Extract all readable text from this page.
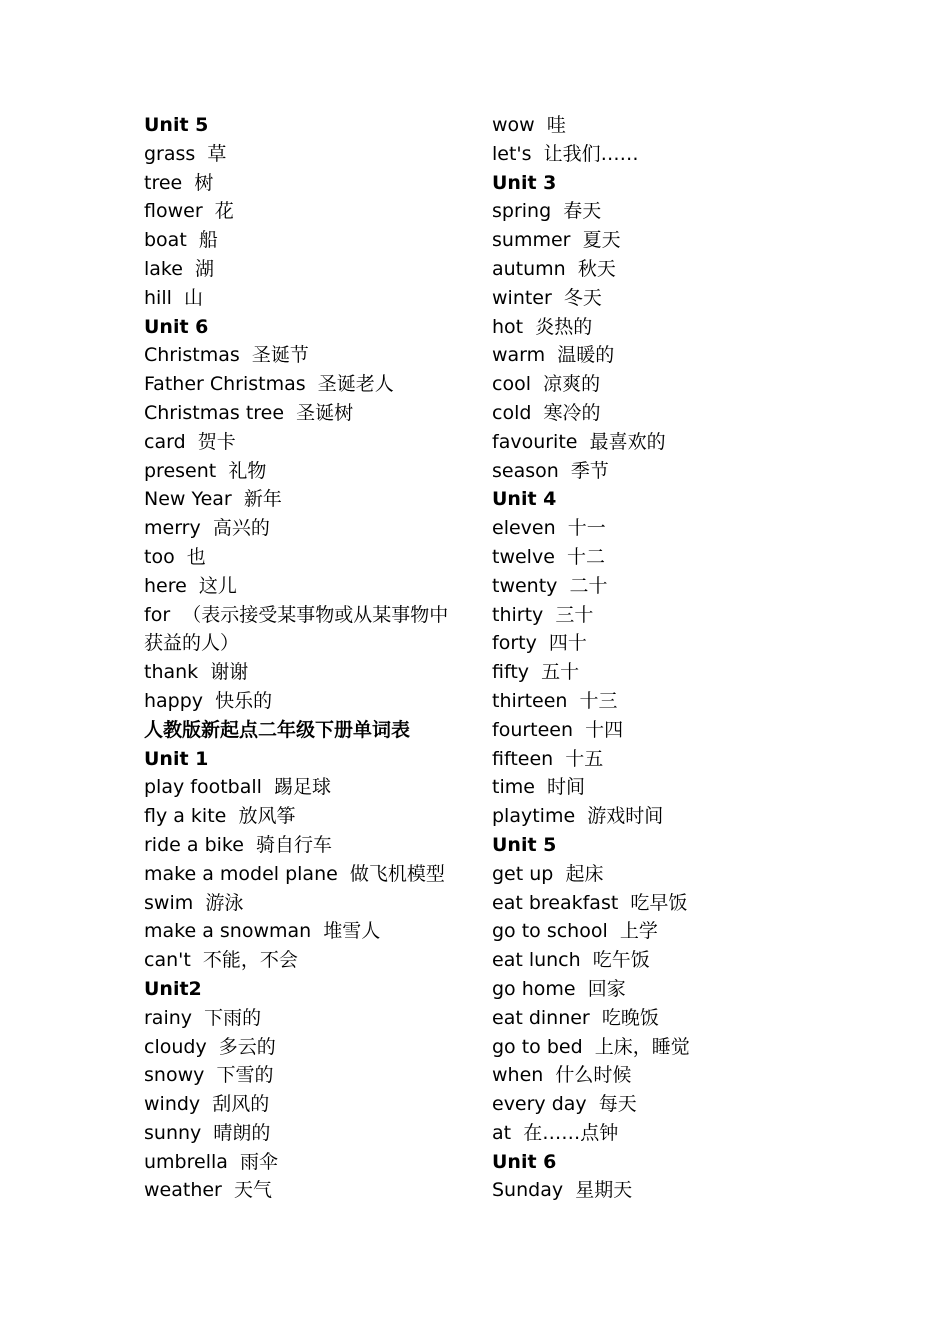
Unit 5
grass 草
tree 树
flower 花
boat 船
lake 湖
hill 山
Unit 6
Christmas 圣诞节
Father Christmas 圣诞老人
Christmas tree 圣诞树
card 贺卡
present 礼物
New Year 新年
merry 高兴的
too 也
here 这儿
for （表示接受某事物或从某事物中获益的人）
thank 谢谢
happy 快乐的
人教版新起点二年级下册单词表
Unit 1
play football 踢足球
fly a kite 放风筝
ride a bike 骑自行车
make a model plane 做飞机模型
swim 游泳
make a snowman 堆雪人
can't 不能，不会
Unit2
rainy 下雨的
cloudy 多云的
snowy 下雪的
windy 刮风的
sunny 晴朗的
umbrella 雨伞
weather 天气
wow 哇
let's 让我们……
Unit 3
spring 春天
summer 夏天
autumn 秋天
winter 冬天
hot 炎热的
warm 温暖的
cool 凉爽的
cold 寒冷的
favourite 最喜欢的
season 季节
Unit 4
eleven 十一
twelve 十二
twenty 二十
thirty 三十
forty 四十
fifty 五十
thirteen 十三
fourteen 十四
fifteen 十五
time 时间
playtime 游戏时间
Unit 5
get up 起床
eat breakfast 吃早饭
go to school 上学
eat lunch 吃午饭
go home 回家
eat dinner 吃晚饭
go to bed 上床，睡觉
when 什么时候
every day 每天
at 在……点钟
Unit 6
Sunday 星期天
